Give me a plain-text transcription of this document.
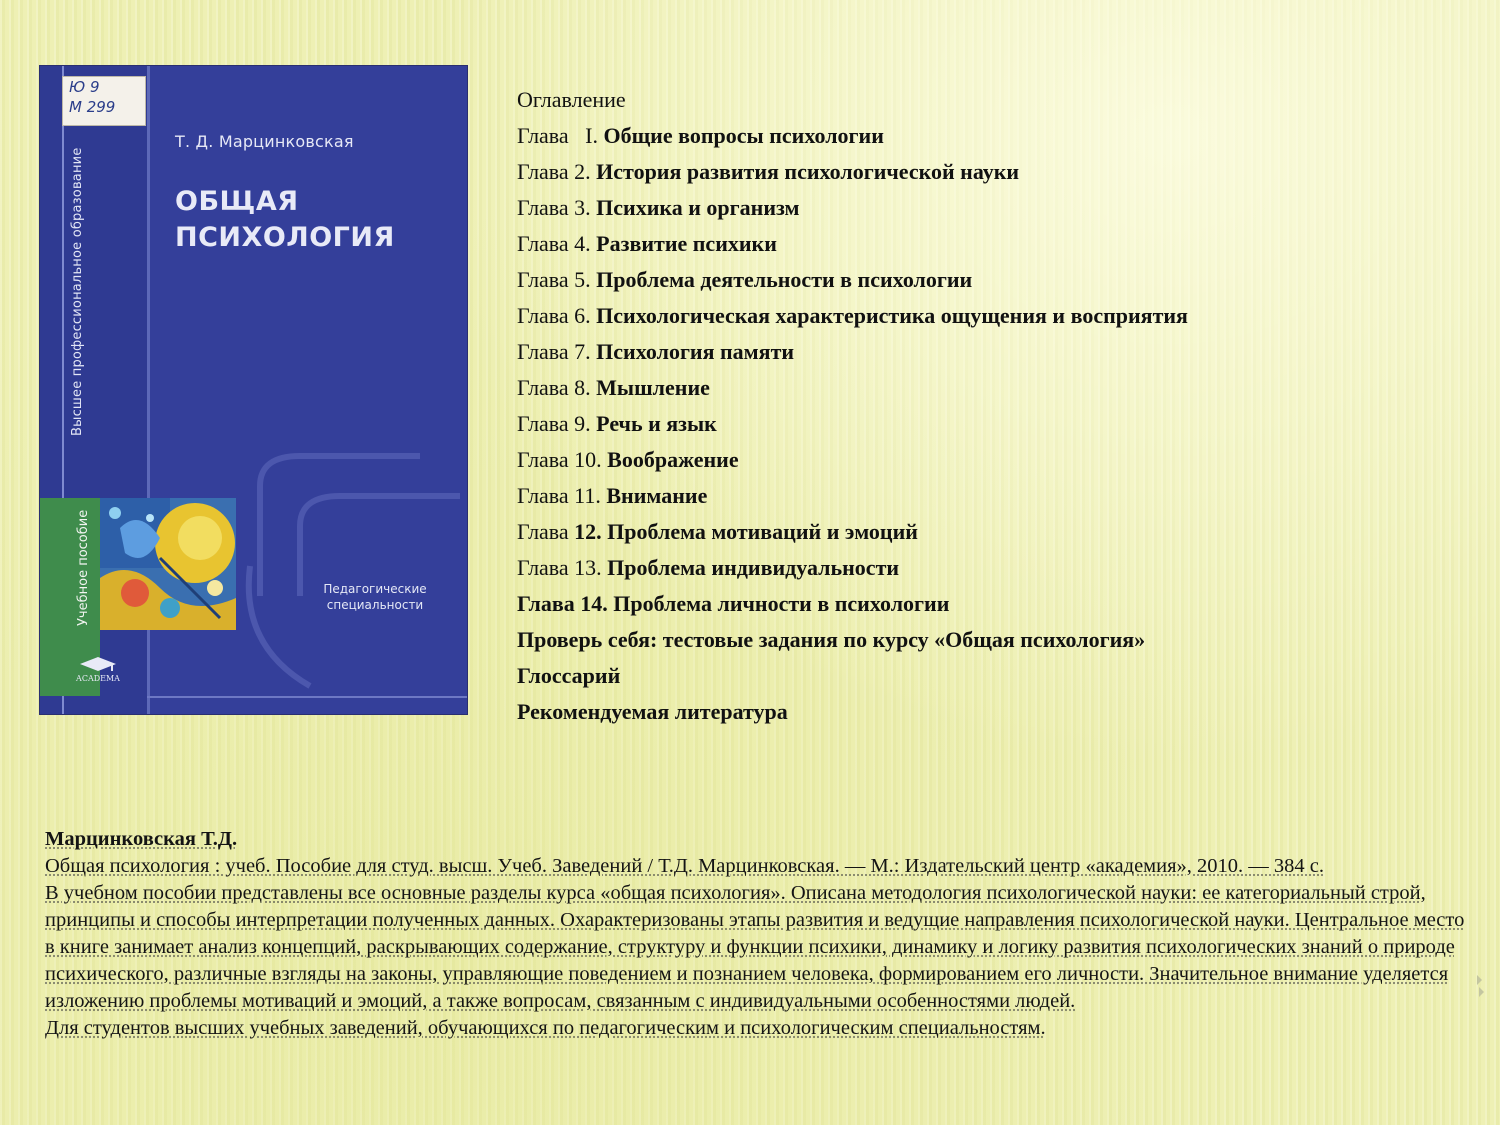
Ю 9
М 299
Т. Д. Марцинковская
ОБЩАЯ
ПСИХОЛОГИЯ
Высшее профессиональное образование
Учебное пособие	Педагогические
специальности
ACADEMA
Оглавление
Глава   I. Общие вопросы психологии
Глава 2. История развития психологической науки
Глава 3. Психика и организм
Глава 4. Развитие психики
Глава 5. Проблема деятельности в психологии
Глава 6. Психологическая характеристика ощущения и восприятия
Глава 7. Психология памяти
Глава 8. Мышление
Глава 9. Речь и язык
Глава 10. Воображение
Глава 11. Внимание
Глава 12. Проблема мотиваций и эмоций
Глава 13. Проблема индивидуальности
Глава 14. Проблема личности в психологии
Проверь себя: тестовые задания по курсу «Общая психология»
Глоссарий
Рекомендуемая литература

Марцинковская Т.Д.

Общая психология : учеб. Пособие для студ. высш. Учеб. Заведений / Т.Д. Марцинковская. — М.: Издательский центр «академия», 2010. — 384 с.

В учебном пособии представлены все основные разделы курса «общая психология». Описана методология психологической науки: ее категориальный строй, принципы и способы интерпретации полученных данных. Охарактеризованы этапы развития и ведущие направления психологической науки. Центральное место в книге занимает анализ концепций, раскрывающих содержание, структуру и функции психики, динамику и логику развития психологических знаний о природе психического, различные взгляды на законы, управляющие поведением и познанием человека, формированием его личности. Значительное внимание уделяется изложению проблемы мотиваций и эмоций, а также вопросам, связанным с индивидуальными особенностями людей.

Для студентов высших учебных заведений, обучающихся по педагогическим и психологическим специальностям.
